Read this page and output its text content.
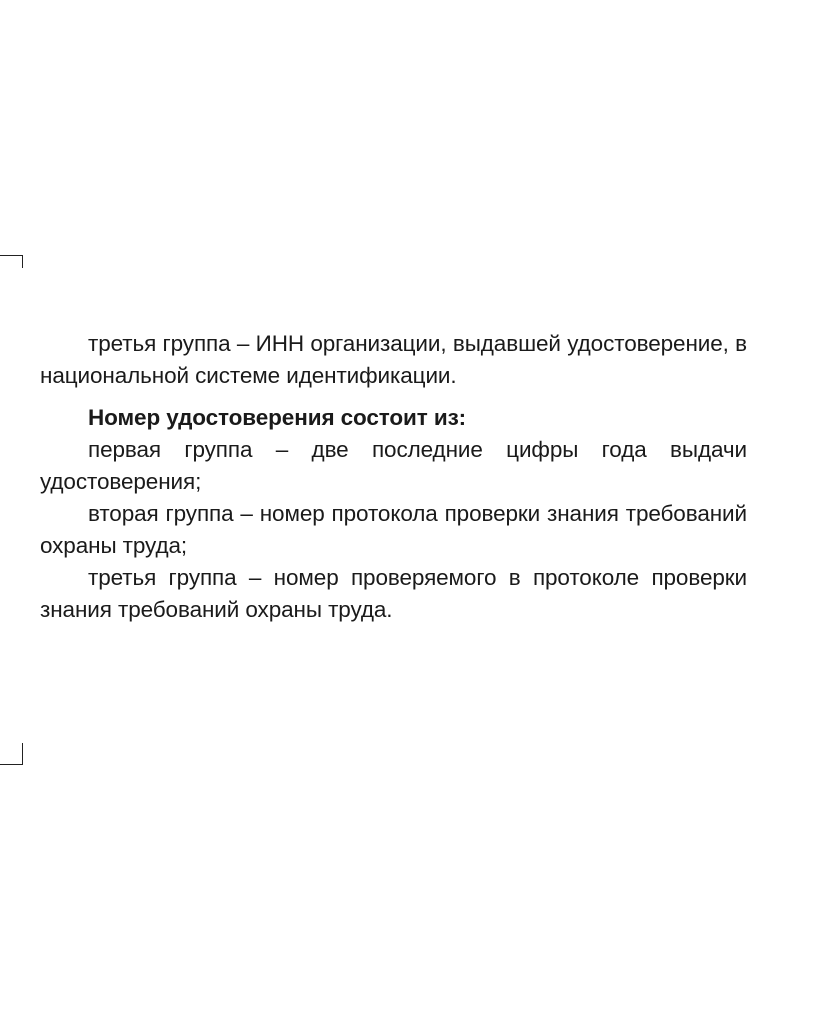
третья группа – ИНН организации, выдавшей удостоверение, в национальной системе идентификации.

Номер удостоверения состоит из:

первая группа – две последние цифры года выдачи удостоверения;

вторая группа – номер протокола проверки знания требований охраны труда;

третья группа – номер проверяемого в протоколе проверки знания требований охраны труда.
